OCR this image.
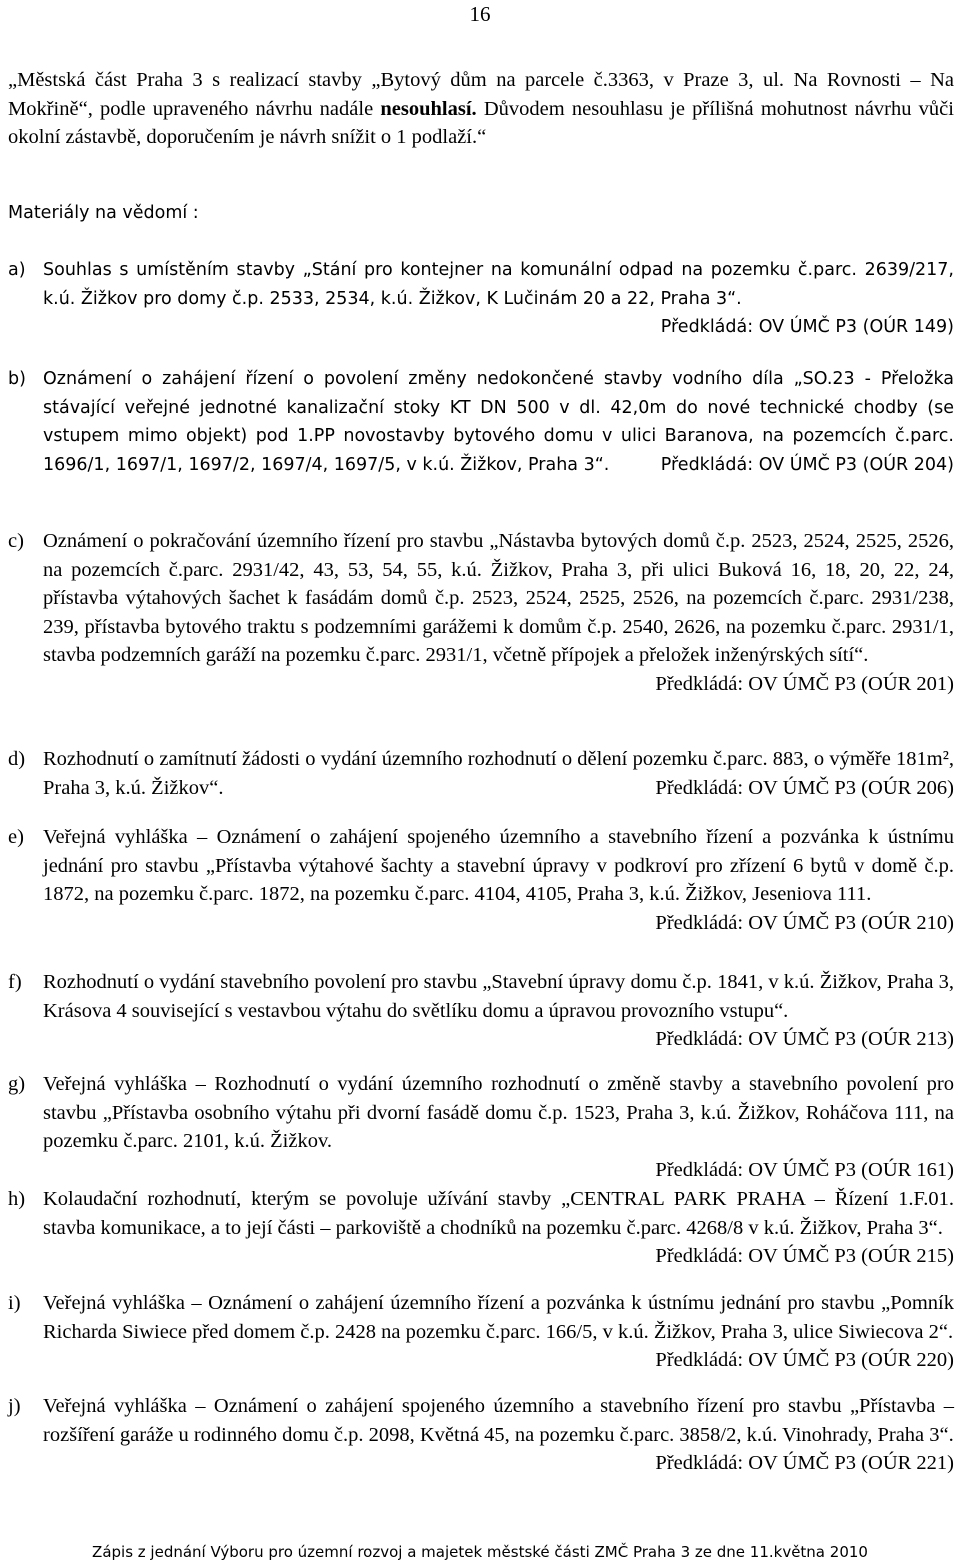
16
„Městská část Praha 3 s realizací stavby „Bytový dům na parcele č.3363, v Praze 3, ul. Na Rovnosti – Na Mokřině“, podle upraveného návrhu nadále nesouhlasí. Důvodem nesouhlasu je přílišná mohutnost návrhu vůči okolní zástavbě, doporučením je návrh snížit o 1 podlaží.“
Materiály na vědomí :
a) Souhlas s umístěním stavby „Stání pro kontejner na komunální odpad na pozemku č.parc. 2639/217, k.ú. Žižkov pro domy č.p. 2533, 2534, k.ú. Žižkov, K Lučinám 20 a 22, Praha 3“.
Předkládá: OV ÚMČ P3 (OÚR 149)
b) Oznámení o zahájení řízení o povolení změny nedokončené stavby vodního díla „SO.23 - Přeložka stávající veřejné jednotné kanalizační stoky KT DN 500 v dl. 42,0m do nové technické chodby (se vstupem mimo objekt) pod 1.PP novostavby bytového domu v ulici Baranova, na pozemcích č.parc. 1696/1, 1697/1, 1697/2, 1697/4, 1697/5, v k.ú. Žižkov, Praha 3“.	Předkládá: OV ÚMČ P3 (OÚR 204)
c) Oznámení o pokračování územního řízení pro stavbu „Nástavba bytových domů č.p. 2523, 2524, 2525, 2526, na pozemcích č.parc. 2931/42, 43, 53, 54, 55, k.ú. Žižkov, Praha 3, při ulici Buková 16, 18, 20, 22, 24, přístavba výtahových šachet k fasádám domů č.p. 2523, 2524, 2525, 2526, na pozemcích č.parc. 2931/238, 239, přístavba bytového traktu s podzemními garážemi k domům č.p. 2540, 2626, na pozemku č.parc. 2931/1, stavba podzemních garáží na pozemku č.parc. 2931/1, včetně přípojek a přeložek inženýrských sítí“.
Předkládá: OV ÚMČ P3 (OÚR 201)
d) Rozhodnutí o zamítnutí žádosti o vydání územního rozhodnutí o dělení pozemku č.parc. 883, o výměře 181m², Praha 3, k.ú. Žižkov“.	Předkládá: OV ÚMČ P3 (OÚR 206)
e) Veřejná vyhláška – Oznámení o zahájení spojeného územního a stavebního řízení a pozvánka k ústnímu jednání pro stavbu „Přístavba výtahové šachty a stavební úpravy v podkroví pro zřízení 6 bytů v domě č.p. 1872, na pozemku č.parc. 1872, na pozemku č.parc. 4104, 4105, Praha 3, k.ú. Žižkov, Jeseniova 111.
Předkládá: OV ÚMČ P3 (OÚR 210)
f)	Rozhodnutí o vydání stavebního povolení pro stavbu „Stavební úpravy domu č.p. 1841, v k.ú. Žižkov, Praha 3, Krásova 4 související s vestavbou výtahu do světlíku domu a úpravou provozního vstupu“.
Předkládá: OV ÚMČ P3 (OÚR 213)
g) Veřejná vyhláška – Rozhodnutí o vydání územního rozhodnutí o změně stavby a stavebního povolení pro stavbu „Přístavba osobního výtahu při dvorní fasádě domu č.p. 1523, Praha 3, k.ú. Žižkov, Roháčova 111, na pozemku č.parc. 2101, k.ú. Žižkov.
Předkládá: OV ÚMČ P3 (OÚR 161)
h) Kolaudační rozhodnutí, kterým se povoluje užívání stavby „CENTRAL PARK PRAHA – Řízení 1.F.01. stavba komunikace, a to její části – parkoviště a chodníků na pozemku č.parc. 4268/8 v k.ú. Žižkov, Praha 3“.
Předkládá: OV ÚMČ P3 (OÚR 215)
i)	Veřejná vyhláška – Oznámení o zahájení územního řízení a pozvánka k ústnímu jednání pro stavbu „Pomník Richarda Siwiece před domem č.p. 2428 na pozemku č.parc. 166/5, v k.ú. Žižkov, Praha 3, ulice Siwiecova 2“.
Předkládá: OV ÚMČ P3 (OÚR 220)
j)	Veřejná vyhláška – Oznámení o zahájení spojeného územního a stavebního řízení pro stavbu „Přístavba – rozšíření garáže u rodinného domu č.p. 2098, Květná 45, na pozemku č.parc. 3858/2, k.ú. Vinohrady, Praha 3“.
Předkládá: OV ÚMČ P3 (OÚR 221)
Zápis z jednání Výboru pro územní rozvoj a majetek městské části ZMČ Praha 3 ze dne 11.května 2010
